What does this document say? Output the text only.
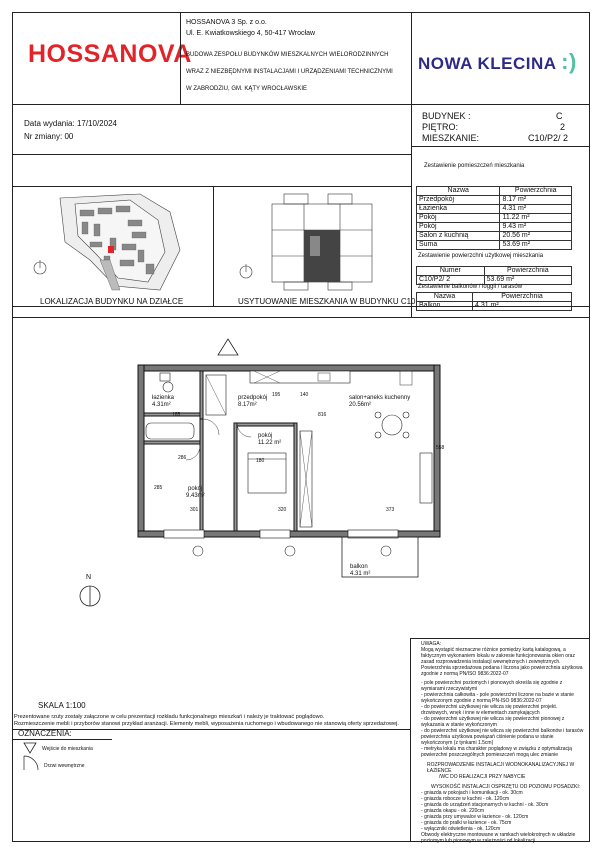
HOSSANOVA
HOSSANOVA 3 Sp. z o.o.
Ul. E. Kwiatkowskiego 4, 50-417 Wrocław
BUDOWA ZESPOŁU BUDYNKÓW MIESZKALNYCH WIELORODZINNYCH
WRAZ Z NIEZBĘDNYMI INSTALACJAMI I URZĄDZENIAMI TECHNICZNYMI
W ZABRODZIU, GM. KĄTY WROCŁAWSKIE
NOWA KLECINA :)
Data wydania: 17/10/2024
Nr zmiany: 00
BUDYNEK :	C
PIĘTRO:	2
MIESZKANIE:	C10/P2/ 2
Zestawienie pomieszczeń mieszkania
Nazwa	Powierzchnia
Przedpokój	8.17 m²
Łazienka	4.31 m²
Pokój	11.22 m²
Pokój	9.43 m²
Salon z kuchnią	20.56 m²
Suma	53.69 m²
Zestawienie powierzchni użytkowej mieszkania
Numer	Powierzchnia
C10/P2/ 2	53.69 m²
Zestawienie balkonów / loggii / tarasów
Nazwa	Powierzchnia
Balkon	4.31 m²
LOKALIZACJA BUDYNKU NA DZIAŁCE	USYTUOWANIE MIESZKANIA W BUDYNKU C10
łazienka
4.31m²
przedpokój
8.17m²
salon+aneks kuchenny
20.56m²
pokój
11.22 m²
pokój
9.43m²
balkon
4.31 m²
185	816
286
301	320	373
558
285
195
180
140
N
SKALA 1:100
Prezentowane rzuty zostały załączone w celu prezentacji rozkładu funkcjonalnego mieszkań i należy je traktować poglądowo.
Rozmieszczenie mebli i przyborów stanowi przykład aranżacji. Elementy mebli, wyposażenia ruchomego i wbudowanego nie stanowią oferty sprzedażowej.
OZNACZENIA:
Wejście do mieszkania
Drzwi wewnętrzne
UWAGA:
Mogą wystąpić nieznaczne różnice pomiędzy kartą katalogową, a faktycznym wykonaniem lokalu w zakresie funkcjonowania okien oraz zasad rozprowadzenia instalacji wewnętrznych i zewnętrznych. Powierzchnia sprzedażowa podana i liczona jako powierzchnia użytkowa zgodnie z normą PN/ISO 9836:2022-07
- pole powierzchni poziomych i pionowych określa się zgodnie z wymiarami rzeczywistymi
- powierzchnia całkowita - pole powierzchni liczone na bazie w stanie wykończonym zgodnie z normą PN-ISO 9836:2022-07
- do powierzchni użytkowej nie wlicza się powierzchni projekt. drzwiowych, wnęk i inne w elementach zamykających
- do powierzchni użytkowej nie wlicza się powierzchni pionowej z wykazania w stanie wykończonym
- do powierzchni użytkowej nie wlicza się powierzchni balkonów i tarasów powierzchnia użytkowa powiązań ciśnienie podana w stanie wykończonym (z tynkami 1.5cm)
- metryka lokalu ma charakter poglądowy w związku z optymalizacją powierzchni poszczególnych pomieszczeń mogą ulec zmianie
ROZPROWADZENIE INSTALACJI WODNOKANALIZACYJNEJ W ŁAZIENCE
/WC DO REALIZACJI PRZY NABYCIE
WYSOKOŚĆ INSTALACJI OSPRZĘTU OD POZIOMU POSADZKI:
- gniazda w pokojach i komunikacji - ok. 30cm
- gniazda robocze w kuchni - ok. 120cm
- gniazda do urządzeń stacjonarnych w kuchni - ok. 30cm
- gniazda okapu - ok. 220cm
- gniazda przy umywalce w łazience - ok. 120cm
- gniazda do pralki w łazience - ok. 75cm
- wyłączniki oświetlenia - ok. 120cm
Obwody elektryczne montowane w ramkach wielokrotnych w układzie
poziomym lub pionowym w zależności od lokalizacji
